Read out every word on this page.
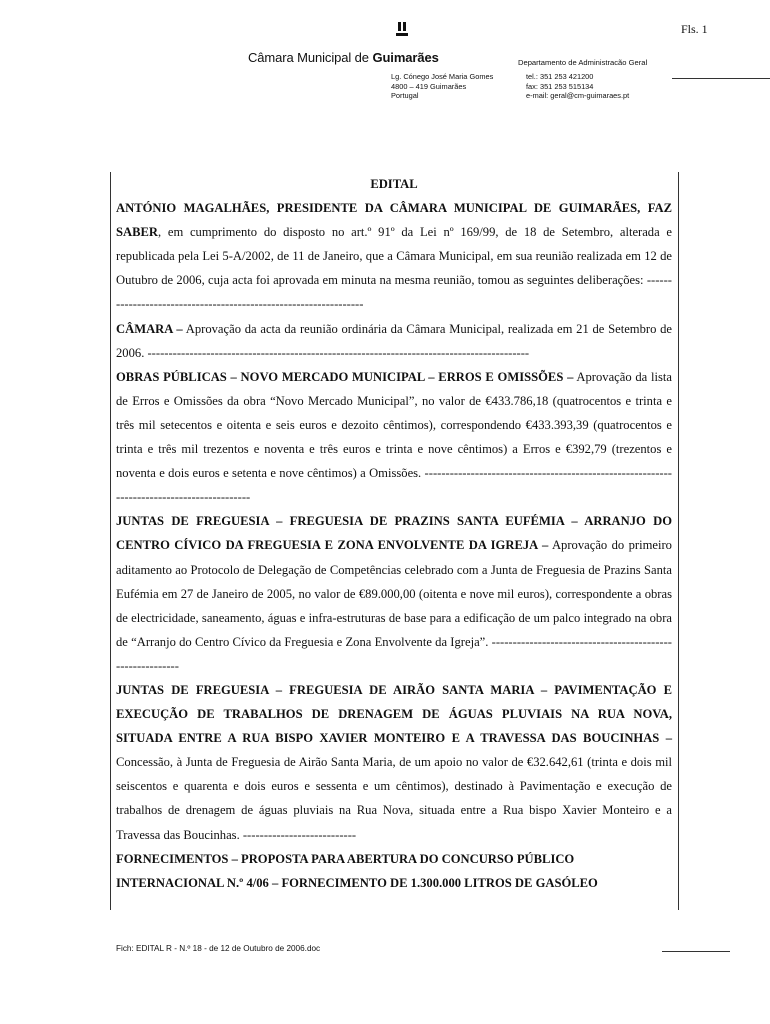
Fls. 1
Câmara Municipal de Guimarães	Departamento de Administracão Geral
Lg. Cónego José Maria Gomes
4800 – 419 Guimarães
Portugal
tel.: 351 253 421200
fax: 351 253 515134
e-mail: geral@cm-guimaraes.pt

EDITAL

ANTÓNIO MAGALHÃES, PRESIDENTE DA CÂMARA MUNICIPAL DE GUIMARÃES, FAZ SABER, em cumprimento do disposto no art.º 91º da Lei nº 169/99, de 18 de Setembro, alterada e republicada pela Lei 5-A/2002, de 11 de Janeiro, que a Câmara Municipal, em sua reunião realizada em 12 de Outubro de 2006, cuja acta foi aprovada em minuta na mesma reunião, tomou as seguintes deliberações: -----------------------------------------------------------------

CÂMARA – Aprovação da acta da reunião ordinária da Câmara Municipal, realizada em 21 de Setembro de 2006. -------------------------------------------------------------------------------------------

OBRAS PÚBLICAS – NOVO MERCADO MUNICIPAL – ERROS E OMISSÕES – Aprovação da lista de Erros e Omissões da obra “Novo Mercado Municipal”, no valor de €433.786,18 (quatrocentos e trinta e três mil setecentos e oitenta e seis euros e dezoito cêntimos), correspondendo €433.393,39 (quatrocentos e trinta e três mil trezentos e noventa e três euros e trinta e nove cêntimos) a Erros e €392,79 (trezentos e noventa e dois euros e setenta e nove cêntimos) a Omissões. -------------------------------------------------------------------------------------------

JUNTAS DE FREGUESIA – FREGUESIA DE PRAZINS SANTA EUFÉMIA – ARRANJO DO CENTRO CÍVICO DA FREGUESIA E ZONA ENVOLVENTE DA IGREJA – Aprovação do primeiro aditamento ao Protocolo de Delegação de Competências celebrado com a Junta de Freguesia de Prazins Santa Eufémia em 27 de Janeiro de 2005, no valor de €89.000,00 (oitenta e nove mil euros), correspondente a obras de electricidade, saneamento, águas e infra-estruturas de base para a edificação de um palco integrado na obra de “Arranjo do Centro Cívico da Freguesia e Zona Envolvente da Igreja”. ----------------------------------------------------------

JUNTAS DE FREGUESIA – FREGUESIA DE AIRÃO SANTA MARIA – PAVIMENTAÇÃO E EXECUÇÃO DE TRABALHOS DE DRENAGEM DE ÁGUAS PLUVIAIS NA RUA NOVA, SITUADA ENTRE A RUA BISPO XAVIER MONTEIRO E A TRAVESSA DAS BOUCINHAS – Concessão, à Junta de Freguesia de Airão Santa Maria, de um apoio no valor de €32.642,61 (trinta e dois mil seiscentos e quarenta e dois euros e sessenta e um cêntimos), destinado à Pavimentação e execução de trabalhos de drenagem de águas pluviais na Rua Nova, situada entre a Rua bispo Xavier Monteiro e a Travessa das Boucinhas. ---------------------------

FORNECIMENTOS – PROPOSTA PARA ABERTURA DO CONCURSO PÚBLICO INTERNACIONAL N.º 4/06 – FORNECIMENTO DE 1.300.000 LITROS DE GASÓLEO

Fich: EDITAL R - N.º 18 - de 12 de Outubro de 2006.doc
